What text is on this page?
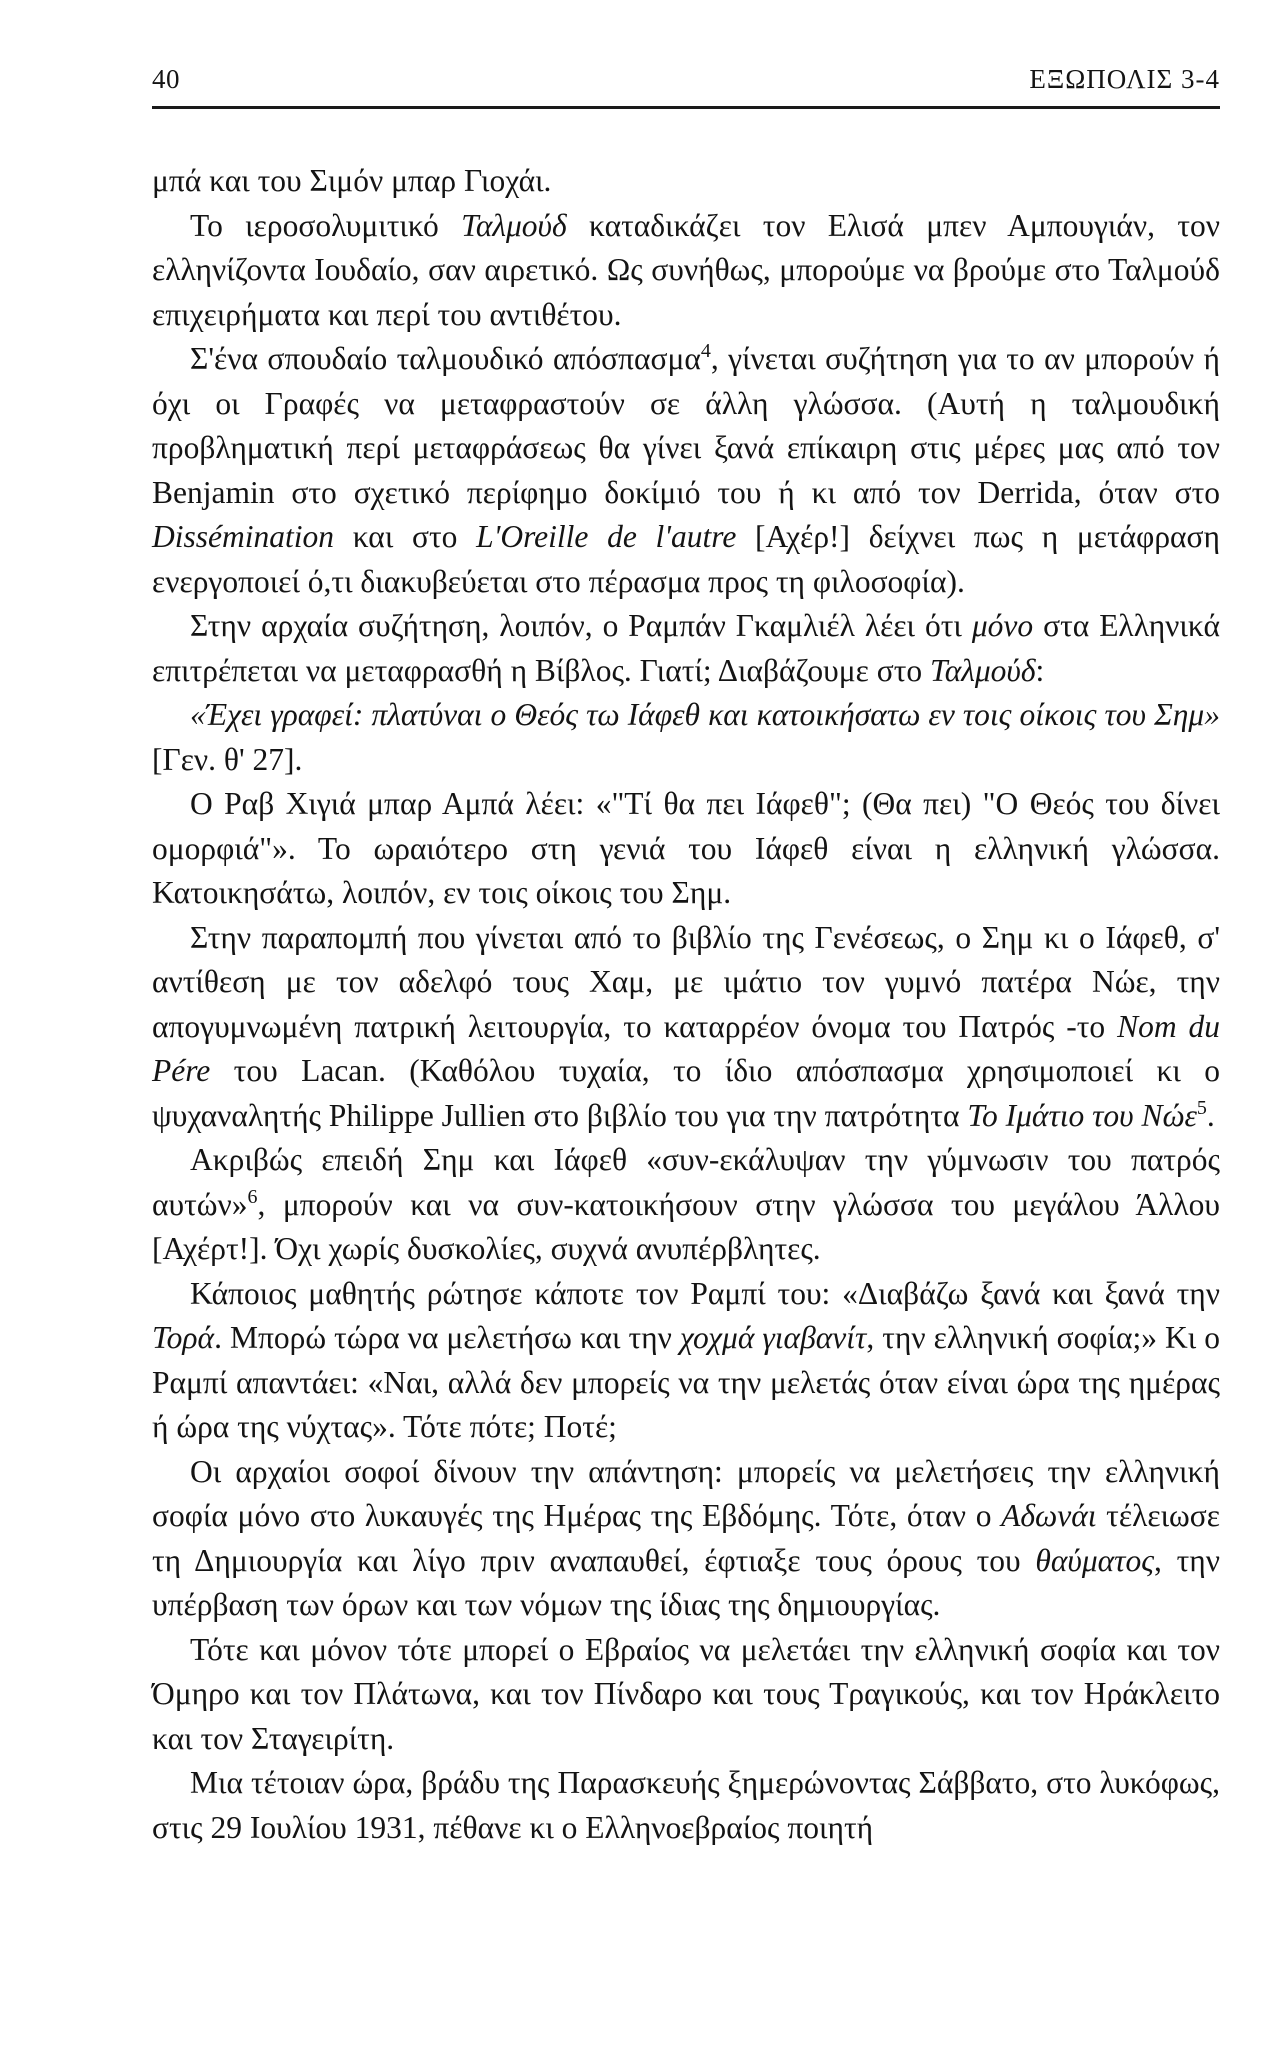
40	ΕΞΩΠΟΛΙΣ 3-4

μπά και του Σιμόν μπαρ Γιοχάι.

Το ιεροσολυμιτικό Ταλμούδ καταδικάζει τον Ελισά μπεν Αμπουγιάν, τον ελληνίζοντα Ιουδαίο, σαν αιρετικό. Ως συνήθως, μπορούμε να βρούμε στο Ταλμούδ επιχειρήματα και περί του αντιθέτου.

Σ'ένα σπουδαίο ταλμουδικό απόσπασμα$^4$, γίνεται συζήτηση για το αν μπορούν ή όχι οι Γραφές να μεταφραστούν σε άλλη γλώσσα. (Αυτή η ταλμουδική προβληματική περί μεταφράσεως θα γίνει ξανά επίκαιρη στις μέρες μας από τον Benjamin στο σχετικό περίφημο δοκίμιό του ή κι από τον Derrida, όταν στο Dissémination και στο L'Oreille de l'autre [Αχέρ!] δείχνει πως η μετάφραση ενεργοποιεί ό,τι διακυβεύεται στο πέρασμα προς τη φιλοσοφία).

Στην αρχαία συζήτηση, λοιπόν, ο Ραμπάν Γκαμλιέλ λέει ότι μόνο στα Ελληνικά επιτρέπεται να μεταφρασθή η Βίβλος. Γιατί; Διαβάζουμε στο Ταλμούδ:

«Έχει γραφεί: πλατύναι ο Θεός τω Ιάφεθ και κατοικήσατω εν τοις οίκοις του Σημ» [Γεν. θ' 27].

Ο Ραβ Χιγιά μπαρ Αμπά λέει: «"Τί θα πει Ιάφεθ"; (Θα πει) "Ο Θεός του δίνει ομορφιά"». Το ωραιότερο στη γενιά του Ιάφεθ είναι η ελληνική γλώσσα. Κατοικησάτω, λοιπόν, εν τοις οίκοις του Σημ.

Στην παραπομπή που γίνεται από το βιβλίο της Γενέσεως, ο Σημ κι ο Ιάφεθ, σ' αντίθεση με τον αδελφό τους Χαμ, με ιμάτιο τον γυμνό πατέρα Νώε, την απογυμνωμένη πατρική λειτουργία, το καταρρέον όνομα του Πατρός -το Nom du Pére του Lacan. (Καθόλου τυχαία, το ίδιο απόσπασμα χρησιμοποιεί κι ο ψυχαναλητής Philippe Jullien στο βιβλίο του για την πατρότητα Το Ιμάτιο του Νώε$^5$.

Ακριβώς επειδή Σημ και Ιάφεθ «συν-εκάλυψαν την γύμνωσιν του πατρός αυτών»$^6$, μπορούν και να συν-κατοικήσουν στην γλώσσα του μεγάλου Άλλου [Αχέρτ!]. Όχι χωρίς δυσκολίες, συχνά ανυπέρβλητες.

Κάποιος μαθητής ρώτησε κάποτε τον Ραμπί του: «Διαβάζω ξανά και ξανά την Τορά. Μπορώ τώρα να μελετήσω και την χοχμά γιαβανίτ, την ελληνική σοφία;» Κι ο Ραμπί απαντάει: «Ναι, αλλά δεν μπορείς να την μελετάς όταν είναι ώρα της ημέρας ή ώρα της νύχτας». Τότε πότε; Ποτέ;

Οι αρχαίοι σοφοί δίνουν την απάντηση: μπορείς να μελετήσεις την ελληνική σοφία μόνο στο λυκαυγές της Ημέρας της Εβδόμης. Τότε, όταν ο Αδωνάι τέλειωσε τη Δημιουργία και λίγο πριν αναπαυθεί, έφτιαξε τους όρους του θαύματος, την υπέρβαση των όρων και των νόμων της ίδιας της δημιουργίας.

Τότε και μόνον τότε μπορεί ο Εβραίος να μελετάει την ελληνική σοφία και τον Όμηρο και τον Πλάτωνα, και τον Πίνδαρο και τους Τραγικούς, και τον Ηράκλειτο και τον Σταγειρίτη.

Μια τέτοιαν ώρα, βράδυ της Παρασκευής ξημερώνοντας Σάββατο, στο λυκόφως, στις 29 Ιουλίου 1931, πέθανε κι ο Ελληνοεβραίος ποιητή
